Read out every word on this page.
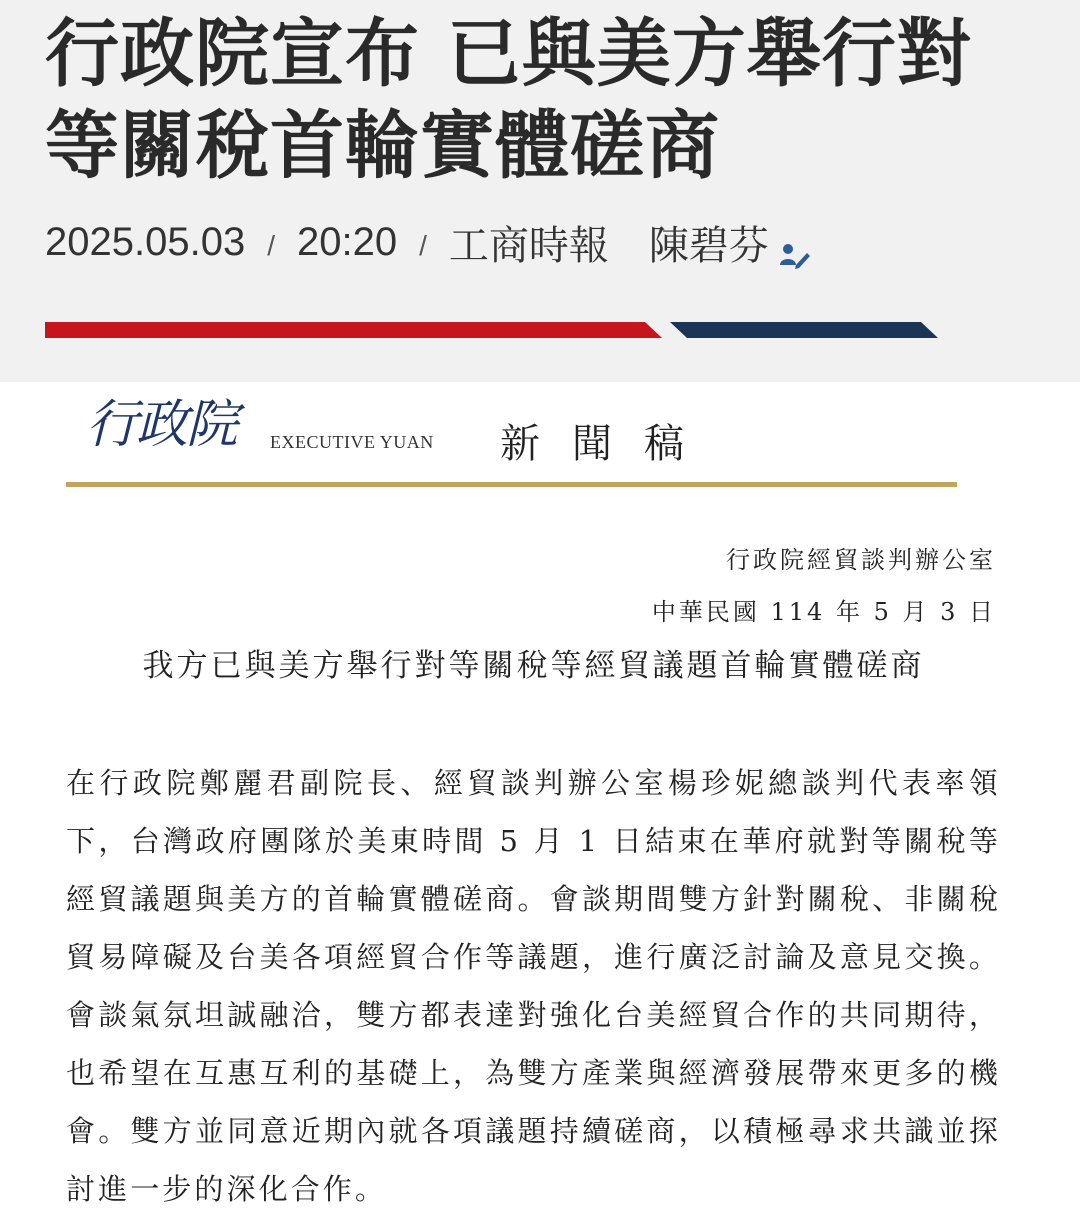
行政院宣布 已與美方舉行對等關稅首輪實體磋商
2025.05.03 / 20:20 / 工商時報 陳碧芬
行政院 EXECUTIVE YUAN 新聞稿
行政院經貿談判辦公室
中華民國 114 年 5 月 3 日
我方已與美方舉行對等關稅等經貿議題首輪實體磋商

在行政院鄭麗君副院長、經貿談判辦公室楊珍妮總談判代表率領下，台灣政府團隊於美東時間 5 月 1 日結束在華府就對等關稅等經貿議題與美方的首輪實體磋商。會談期間雙方針對關稅、非關稅貿易障礙及台美各項經貿合作等議題，進行廣泛討論及意見交換。會談氣氛坦誠融洽，雙方都表達對強化台美經貿合作的共同期待，也希望在互惠互利的基礎上，為雙方產業與經濟發展帶來更多的機會。雙方並同意近期內就各項議題持續磋商，以積極尋求共識並探討進一步的深化合作。
